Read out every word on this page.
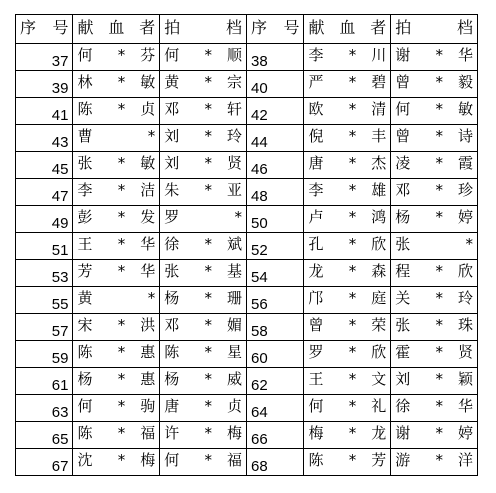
序 号	献 血 者	拍 档	序 号	献 血 者	拍 档
37	何 * 芬	何 * 顺	38	李 * 川	谢 * 华
39	林 * 敏	黄 * 宗	40	严 * 碧	曾 * 毅
41	陈 * 贞	邓 * 轩	42	欧 * 清	何 * 敏
43	曹 *	刘 * 玲	44	倪 * 丰	曾 * 诗
45	张 * 敏	刘 * 贤	46	唐 * 杰	凌 * 霞
47	李 * 洁	朱 * 亚	48	李 * 雄	邓 * 珍
49	彭 * 发	罗 *	50	卢 * 鸿	杨 * 婷
51	王 * 华	徐 * 斌	52	孔 * 欣	张 *
53	芳 * 华	张 * 基	54	龙 * 森	程 * 欣
55	黄 *	杨 * 珊	56	邝 * 庭	关 * 玲
57	宋 * 洪	邓 * 媚	58	曾 * 荣	张 * 珠
59	陈 * 惠	陈 * 星	60	罗 * 欣	霍 * 贤
61	杨 * 惠	杨 * 威	62	王 * 文	刘 * 颖
63	何 * 驹	唐 * 贞	64	何 * 礼	徐 * 华
65	陈 * 福	许 * 梅	66	梅 * 龙	谢 * 婷
67	沈 * 梅	何 * 福	68	陈 * 芳	游 * 洋
